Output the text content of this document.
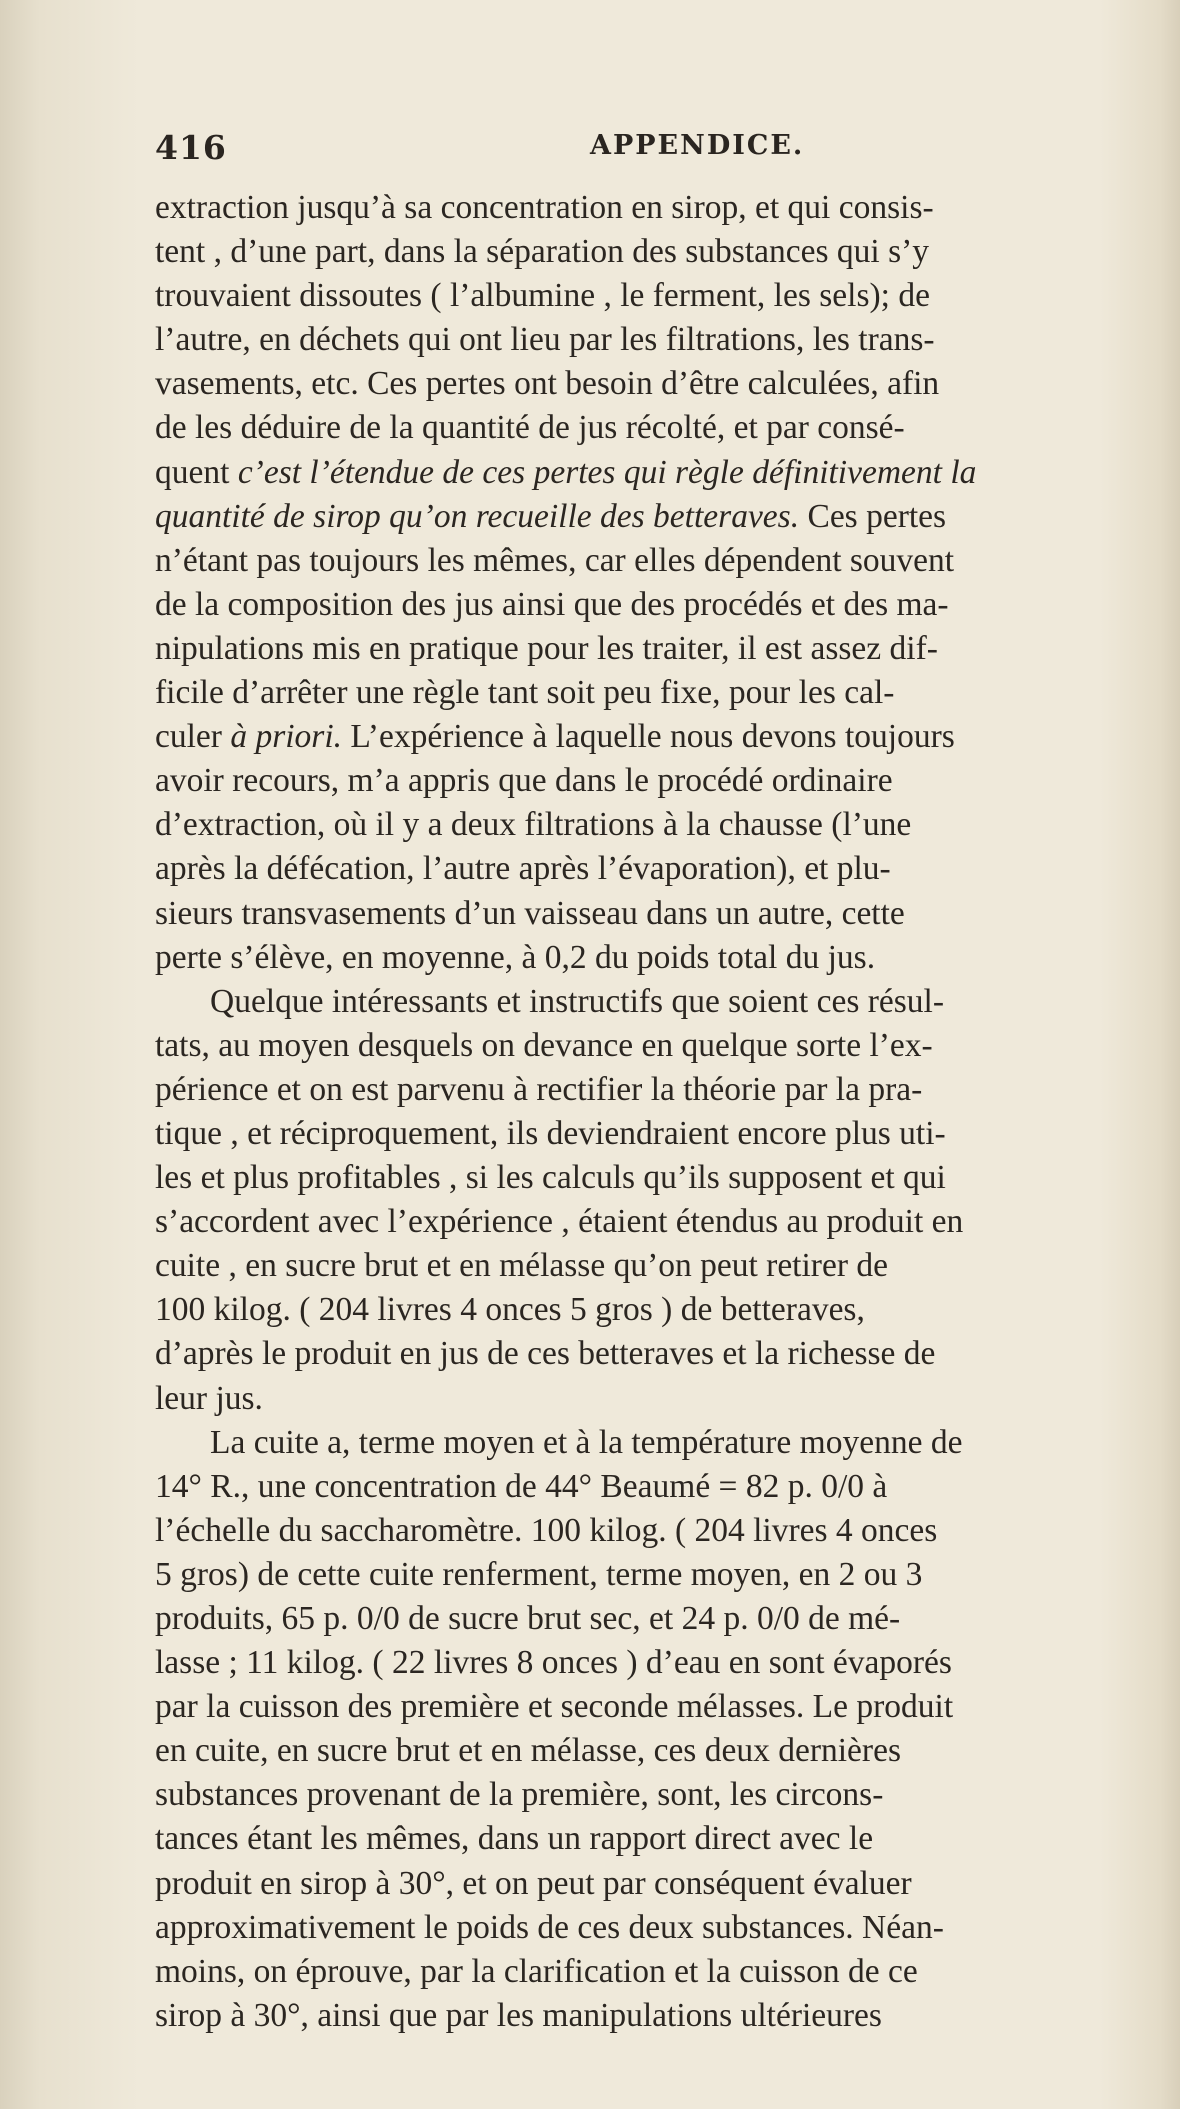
416	APPENDICE.
extraction jusqu’à sa concentration en sirop, et qui consis-
tent , d’une part, dans la séparation des substances qui s’y
trouvaient dissoutes ( l’albumine , le ferment, les sels); de
l’autre, en déchets qui ont lieu par les filtrations, les trans-
vasements, etc. Ces pertes ont besoin d’être calculées, afin
de les déduire de la quantité de jus récolté, et par consé-
quent c’est l’étendue de ces pertes qui règle définitivement la
quantité de sirop qu’on recueille des betteraves. Ces pertes
n’étant pas toujours les mêmes, car elles dépendent souvent
de la composition des jus ainsi que des procédés et des ma-
nipulations mis en pratique pour les traiter, il est assez dif-
ficile d’arrêter une règle tant soit peu fixe, pour les cal-
culer à priori. L’expérience à laquelle nous devons toujours
avoir recours, m’a appris que dans le procédé ordinaire
d’extraction, où il y a deux filtrations à la chausse (l’une
après la défécation, l’autre après l’évaporation), et plu-
sieurs transvasements d’un vaisseau dans un autre, cette
perte s’élève, en moyenne, à 0,2 du poids total du jus.
Quelque intéressants et instructifs que soient ces résul-
tats, au moyen desquels on devance en quelque sorte l’ex-
périence et on est parvenu à rectifier la théorie par la pra-
tique , et réciproquement, ils deviendraient encore plus uti-
les et plus profitables , si les calculs qu’ils supposent et qui
s’accordent avec l’expérience , étaient étendus au produit en
cuite , en sucre brut et en mélasse qu’on peut retirer de
100 kilog. ( 204 livres 4 onces 5 gros ) de betteraves,
d’après le produit en jus de ces betteraves et la richesse de
leur jus.
La cuite a, terme moyen et à la température moyenne de
14° R., une concentration de 44° Beaumé = 82 p. 0/0 à
l’échelle du saccharomètre. 100 kilog. ( 204 livres 4 onces
5 gros) de cette cuite renferment, terme moyen, en 2 ou 3
produits, 65 p. 0/0 de sucre brut sec, et 24 p. 0/0 de mé-
lasse ; 11 kilog. ( 22 livres 8 onces ) d’eau en sont évaporés
par la cuisson des première et seconde mélasses. Le produit
en cuite, en sucre brut et en mélasse, ces deux dernières
substances provenant de la première, sont, les circons-
tances étant les mêmes, dans un rapport direct avec le
produit en sirop à 30°, et on peut par conséquent évaluer
approximativement le poids de ces deux substances. Néan-
moins, on éprouve, par la clarification et la cuisson de ce
sirop à 30°, ainsi que par les manipulations ultérieures
